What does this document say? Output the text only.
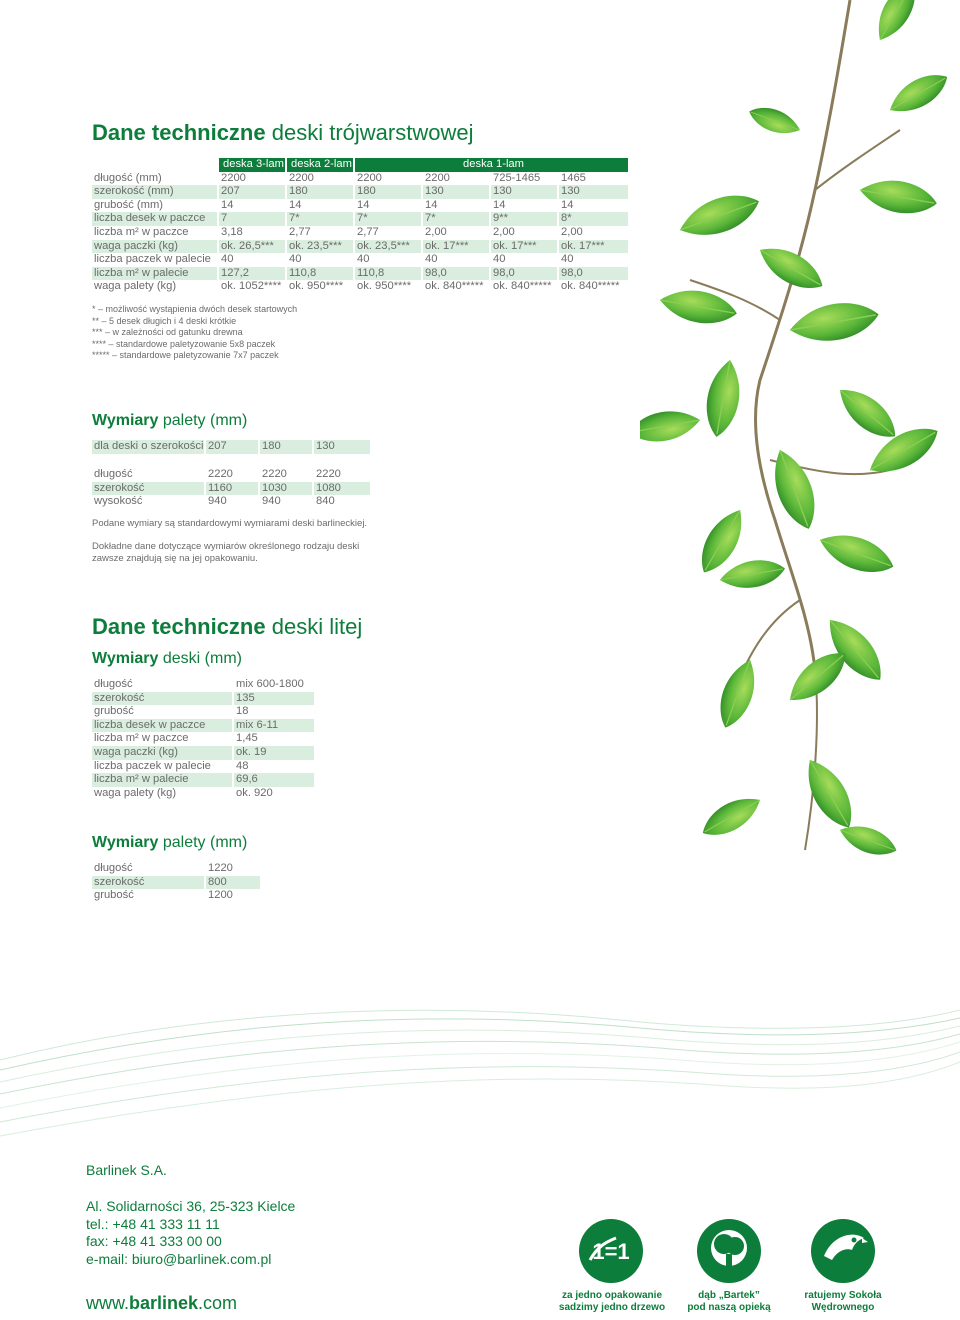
Dane techniczne deski trójwarstwowej
	deska 3-lam	deska 2-lam	deska 1-lam			
długość (mm)	2200	2200	2200	2200	725-1465	1465
szerokość (mm)	207	180	180	130	130	130
grubość (mm)	14	14	14	14	14	14
liczba desek w paczce	7	7*	7*	7*	9**	8*
liczba m² w paczce	3,18	2,77	2,77	2,00	2,00	2,00
waga paczki (kg)	ok. 26,5***	ok. 23,5***	ok. 23,5***	ok. 17***	ok. 17***	ok. 17***
liczba paczek w palecie	40	40	40	40	40	40
liczba m² w palecie	127,2	110,8	110,8	98,0	98,0	98,0
waga palety (kg)	ok. 1052****	ok. 950****	ok. 950****	ok. 840*****	ok. 840*****	ok. 840*****
* – możliwość wystąpienia dwóch desek startowych
** – 5 desek długich i 4 deski krótkie
*** – w zależności od gatunku drewna
**** – standardowe paletyzowanie 5x8 paczek
***** – standardowe paletyzowanie 7x7 paczek
Wymiary palety (mm)
dla deski o szerokości	207	180	130
długość	2220	2220	2220
szerokość	1160	1030	1080
wysokość	940	940	840
Podane wymiary są standardowymi wymiarami deski barlineckiej.
Dokładne dane dotyczące wymiarów określonego rodzaju deski
zawsze znajdują się na jej opakowaniu.
Dane techniczne deski litej
Wymiary deski (mm)
długość	mix 600-1800
szerokość	135
grubość	18
liczba desek w paczce	mix 6-11
liczba m² w paczce	1,45
waga paczki (kg)	ok. 19
liczba paczek w palecie	48
liczba m² w palecie	69,6
waga palety (kg)	ok. 920
Wymiary palety (mm)
długość	1220
szerokość	800
grubość	1200
Barlinek S.A.
Al. Solidarności 36, 25-323 Kielce
tel.: +48 41 333 11 11
fax: +48 41 333 00 00
e-mail: biuro@barlinek.com.pl
www.barlinek.com
1=1
za jedno opakowanie
sadzimy jedno drzewo
dąb „Bartek”
pod naszą opieką
ratujemy Sokoła
Wędrownego
